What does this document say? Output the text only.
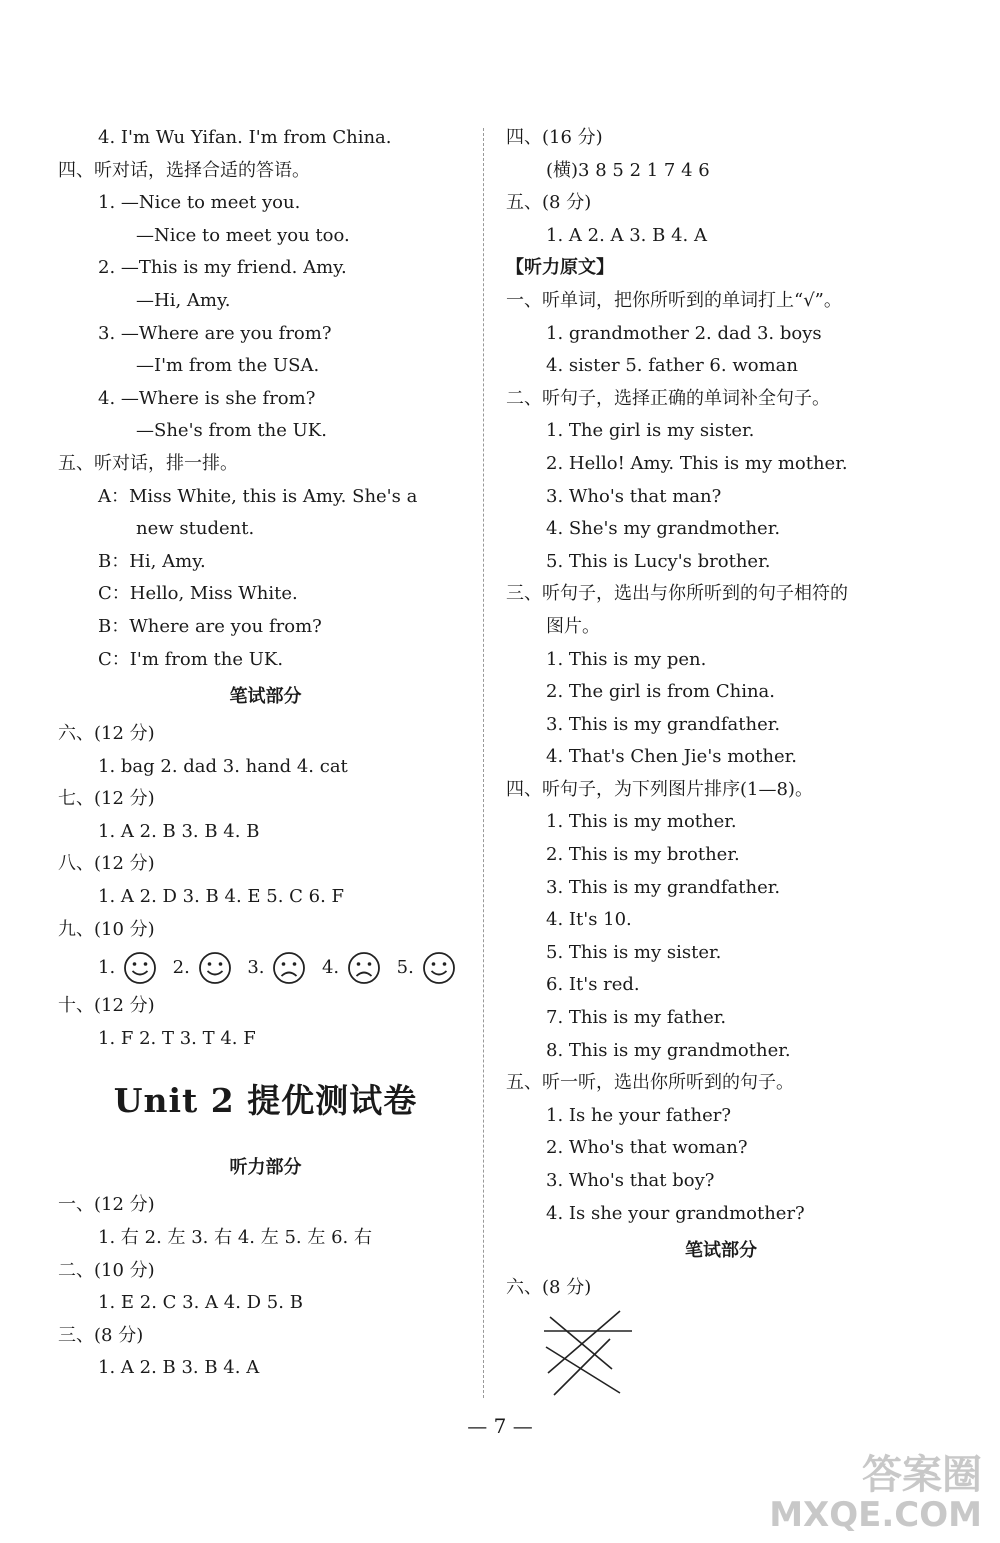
4. I'm Wu Yifan. I'm from China.
四、听对话，选择合适的答语。
1. —Nice to meet you.
—Nice to meet you too.
2. —This is my friend. Amy.
—Hi, Amy.
3. —Where are you from?
—I'm from the USA.
4. —Where is she from?
—She's from the UK.
五、听对话，排一排。
A：Miss White, this is Amy. She's a
new student.
B：Hi, Amy.
C：Hello, Miss White.
B：Where are you from?
C：I'm from the UK.
笔试部分
六、(12 分)
1. bag 2. dad 3. hand 4. cat
七、(12 分)
1. A 2. B 3. B 4. B
八、(12 分)
1. A 2. D 3. B 4. E 5. C 6. F
九、(10 分)
1.	2.	3.	4.	5.
十、(12 分)
1. F 2. T 3. T 4. F
Unit 2 提优测试卷
听力部分
一、(12 分)
1. 右 2. 左 3. 右 4. 左 5. 左 6. 右
二、(10 分)
1. E 2. C 3. A 4. D 5. B
三、(8 分)
1. A 2. B 3. B 4. A
四、(16 分)
(横)3 8 5 2 1 7 4 6
五、(8 分)
1. A 2. A 3. B 4. A
【听力原文】
一、听单词，把你所听到的单词打上“√”。
1. grandmother 2. dad 3. boys
4. sister 5. father 6. woman
二、听句子，选择正确的单词补全句子。
1. The girl is my sister.
2. Hello! Amy. This is my mother.
3. Who's that man?
4. She's my grandmother.
5. This is Lucy's brother.
三、听句子，选出与你所听到的句子相符的
图片。
1. This is my pen.
2. The girl is from China.
3. This is my grandfather.
4. That's Chen Jie's mother.
四、听句子，为下列图片排序(1—8)。
1. This is my mother.
2. This is my brother.
3. This is my grandfather.
4. It's 10.
5. This is my sister.
6. It's red.
7. This is my father.
8. This is my grandmother.
五、听一听，选出你所听到的句子。
1. Is he your father?
2. Who's that woman?
3. Who's that boy?
4. Is she your grandmother?
笔试部分
六、(8 分)
— 7 —
答案圈
MXQE.COM
